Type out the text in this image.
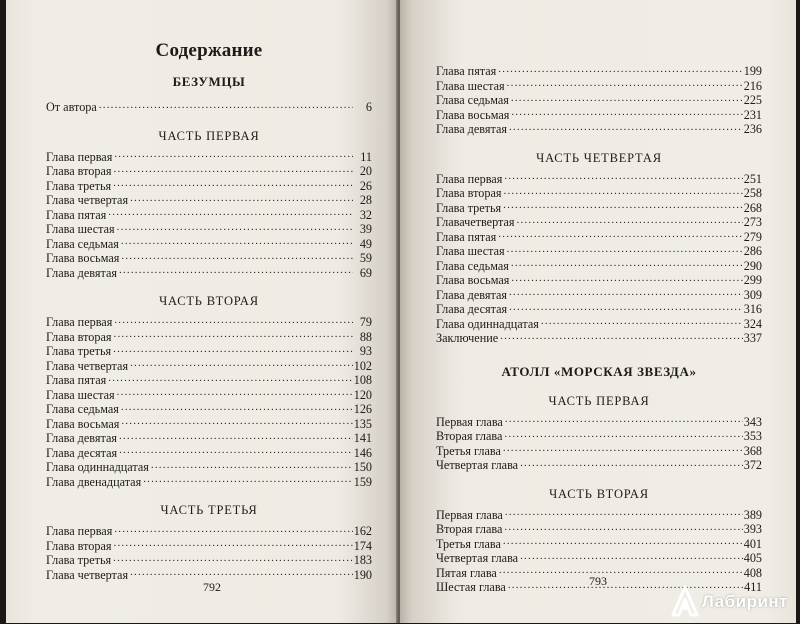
Содержание
БЕЗУМЦЫ
От автора .....	6
ЧАСТЬ ПЕРВАЯ
Глава первая .....	11
Глава вторая .....	20
Глава третья .....	26
Глава четвертая .....	28
Глава пятая .....	32
Глава шестая .....	39
Глава седьмая .....	49
Глава восьмая .....	59
Глава девятая .....	69
ЧАСТЬ ВТОРАЯ
Глава первая .....	79
Глава вторая .....	88
Глава третья .....	93
Глава четвертая .....	102
Глава пятая .....	108
Глава шестая .....	120
Глава седьмая .....	126
Глава восьмая .....	135
Глава девятая .....	141
Глава десятая .....	146
Глава одиннадцатая .....	150
Глава двенадцатая .....	159
ЧАСТЬ ТРЕТЬЯ
Глава первая .....	162
Глава вторая .....	174
Глава третья .....	183
Глава четвертая .....	190
792
Глава пятая .....	199
Глава шестая .....	216
Глава седьмая .....	225
Глава восьмая .....	231
Глава девятая .....	236
ЧАСТЬ ЧЕТВЕРТАЯ
Глава первая .....	251
Глава вторая .....	258
Глава третья .....	268
Главачетвертая .....	273
Глава пятая .....	279
Глава шестая .....	286
Глава седьмая .....	290
Глава восьмая .....	299
Глава девятая .....	309
Глава десятая .....	316
Глава одиннадцатая .....	324
Заключение .....	337
АТОЛЛ «МОРСКАЯ ЗВЕЗДА»
ЧАСТЬ ПЕРВАЯ
Первая глава .....	343
Вторая глава .....	353
Третья глава .....	368
Четвертая глава .....	372
ЧАСТЬ ВТОРАЯ
Первая глава .....	389
Вторая глава .....	393
Третья глава .....	401
Четвертая глава .....	405
Пятая глава .....	408
Шестая глава .....	411
793
Лабиринт
